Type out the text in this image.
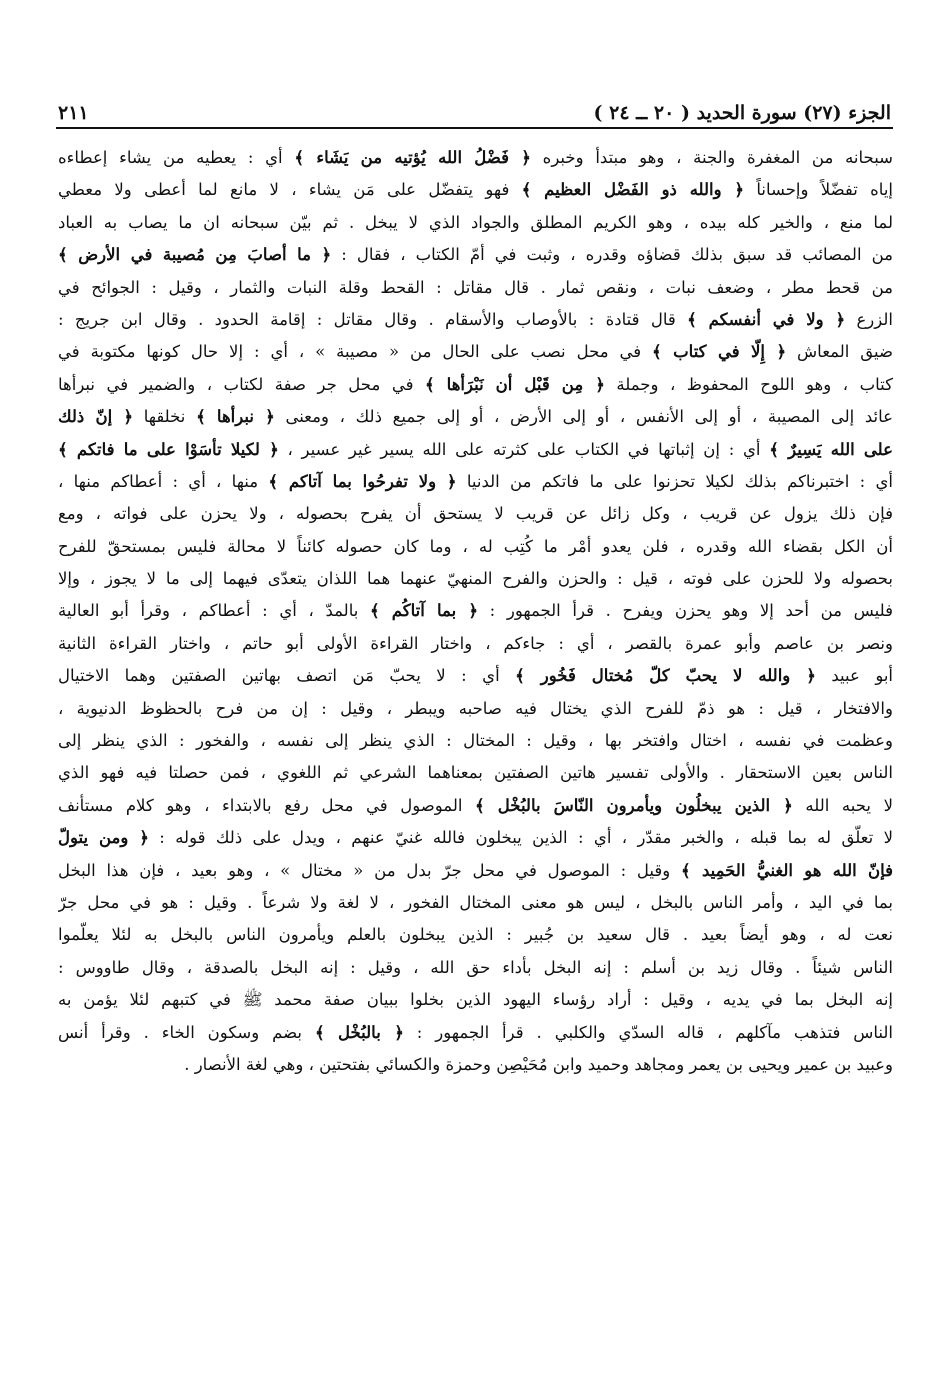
الجزء (٢٧) سورة الحديد ( ٢٠ ــ ٢٤ )
٢١١
سبحانه من المغفرة والجنة ، وهو مبتدأ وخبره ﴿ فَضْلُ الله يُؤتيه من يَشَاء ﴾ أي : يعطيه من يشاء إعطاءه
إياه تفضّلاً وإحساناً ﴿ والله ذو الفَضْل العظيم ﴾ فهو يتفضّل على مَن يشاء ، لا مانع لما أعطى ولا معطي
لما منع ، والخير كله بيده ، وهو الكريم المطلق والجواد الذي لا يبخل . ثم بيّن سبحانه ان ما يصاب به العباد
من المصائب قد سبق بذلك قضاؤه وقدره ، وثبت في أمّ الكتاب ، فقال : ﴿ ما أصابَ مِن مُصيبة في الأرض ﴾
من قحط مطر ، وضعف نبات ، ونقص ثمار . قال مقاتل : القحط وقلة النبات والثمار ، وقيل : الجوائح في
الزرع ﴿ ولا في أنفسكم ﴾ قال قتادة : بالأوصاب والأسقام . وقال مقاتل : إقامة الحدود . وقال ابن جريج :
ضيق المعاش ﴿ إِلّا في كتاب ﴾ في محل نصب على الحال من « مصيبة » ، أي : إلا حال كونها مكتوبة في
كتاب ، وهو اللوح المحفوظ ، وجملة ﴿ مِن قَبْل أن نَبْرَأها ﴾ في محل جر صفة لكتاب ، والضمير في نبرأها
عائد إلى المصيبة ، أو إلى الأنفس ، أو إلى الأرض ، أو إلى جميع ذلك ، ومعنى ﴿ نبرأها ﴾ نخلقها ﴿ إنّ ذلك
على الله يَسِيرٌ ﴾ أي : إن إثباتها في الكتاب على كثرته على الله يسير غير عسير ، ﴿ لكيلا تأسَوْا على ما فاتكم ﴾
أي : اختبرناكم بذلك لكيلا تحزنوا على ما فاتكم من الدنيا ﴿ ولا تفرحُوا بما آتاكم ﴾ منها ، أي : أعطاكم منها ،
فإن ذلك يزول عن قريب ، وكل زائل عن قريب لا يستحق أن يفرح بحصوله ، ولا يحزن على فواته ، ومع
أن الكل بقضاء الله وقدره ، فلن يعدو أمْر ما كُتِب له ، وما كان حصوله كائناً لا محالة فليس بمستحقّ للفرح
بحصوله ولا للحزن على فوته ، قيل : والحزن والفرح المنهيّ عنهما هما اللذان يتعدّى فيهما إلى ما لا يجوز ، وإلا
فليس من أحد إلا وهو يحزن ويفرح . قرأ الجمهور : ﴿ بما آتاكُم ﴾ بالمدّ ، أي : أعطاكم ، وقرأ أبو العالية
ونصر بن عاصم وأبو عمرة بالقصر ، أي : جاءكم ، واختار القراءة الأولى أبو حاتم ، واختار القراءة الثانية
أبو عبيد ﴿ والله لا يحبّ كلّ مُختال فَخُور ﴾ أي : لا يحبّ مَن اتصف بهاتين الصفتين وهما الاختيال
والافتخار ، قيل : هو ذمّ للفرح الذي يختال فيه صاحبه ويبطر ، وقيل : إن من فرح بالحظوظ الدنيوية ،
وعظمت في نفسه ، اختال وافتخر بها ، وقيل : المختال : الذي ينظر إلى نفسه ، والفخور : الذي ينظر إلى
الناس بعين الاستحقار . والأولى تفسير هاتين الصفتين بمعناهما الشرعي ثم اللغوي ، فمن حصلتا فيه فهو الذي
لا يحبه الله ﴿ الذين يبخلُون ويأمرون النّاسَ بالبُخْل ﴾ الموصول في محل رفع بالابتداء ، وهو كلام مستأنف
لا تعلّق له بما قبله ، والخبر مقدّر ، أي : الذين يبخلون فالله غنيّ عنهم ، ويدل على ذلك قوله : ﴿ ومن يتولّ
فإنّ الله هو الغنيُّ الحَمِيد ﴾ وقيل : الموصول في محل جرّ بدل من « مختال » ، وهو بعيد ، فإن هذا البخل
بما في اليد ، وأمر الناس بالبخل ، ليس هو معنى المختال الفخور ، لا لغة ولا شرعاً . وقيل : هو في محل جرّ
نعت له ، وهو أيضاً بعيد . قال سعيد بن جُبير : الذين يبخلون بالعلم ويأمرون الناس بالبخل به لئلا يعلّموا
الناس شيئاً . وقال زيد بن أسلم : إنه البخل بأداء حق الله ، وقيل : إنه البخل بالصدقة ، وقال طاووس :
إنه البخل بما في يديه ، وقيل : أراد رؤساء اليهود الذين بخلوا ببيان صفة محمد ﷺ في كتبهم لئلا يؤمن به
الناس فتذهب مآكلهم ، قاله السدّي والكلبي . قرأ الجمهور : ﴿ بالبُخْل ﴾ بضم وسكون الخاء . وقرأ أنس
وعبيد بن عمير ويحيى بن يعمر ومجاهد وحميد وابن مُحَيْصِن وحمزة والكسائي بفتحتين ، وهي لغة الأنصار .
